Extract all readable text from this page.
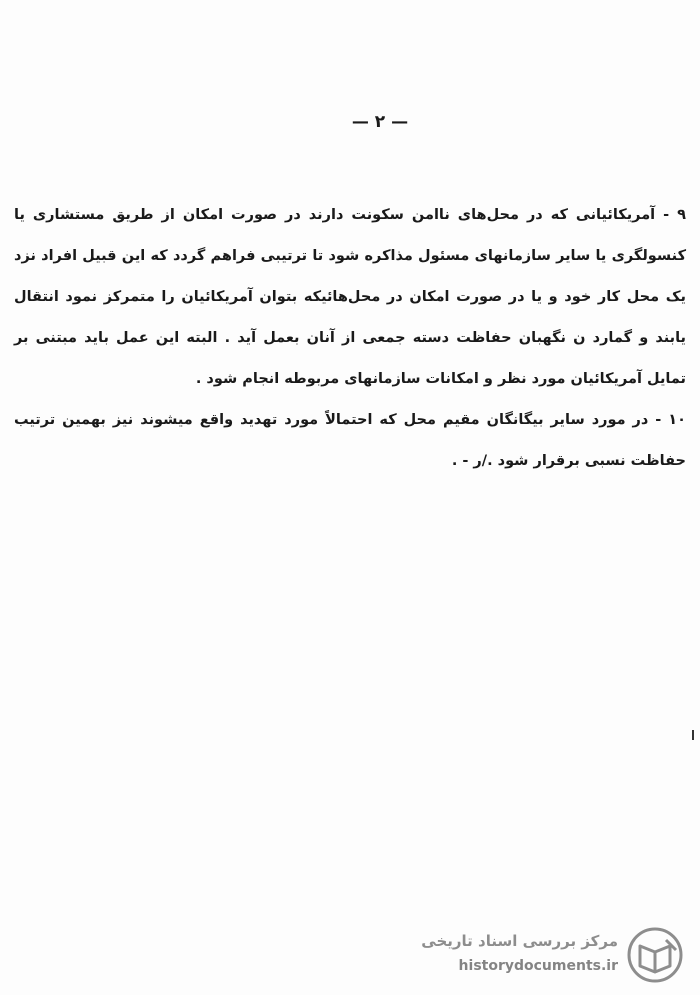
— ۲ —

۹ - آمریکائیانی که در محل‌های ناامن سکونت دارند در صورت امکان از طریق مستشاری یا کنسولگری یا سایر سازمانهای مسئول مذاکره شود تا ترتیبی فراهم گردد که این قبیل افراد نزد یک محل کار خود و یا در صورت امکان در محل‌هائیکه بتوان آمریکائیان را متمرکز نمود انتقال یابند و گمارد ن نگهبان حفاظت دسته جمعی از آنان بعمل آید . البته این عمل باید مبتنی بر تمایل آمریکائیان مورد نظر و امکانات سازمانهای مربوطه انجام شود .

۱۰ - در مورد سایر بیگانگان مقیم محل که احتمالاً مورد تهدید واقع میشوند نیز بهمین ترتیب حفاظت نسبی برقرار شود ./ر - .

مرکز بررسی اسناد تاریخی
historydocuments.ir
